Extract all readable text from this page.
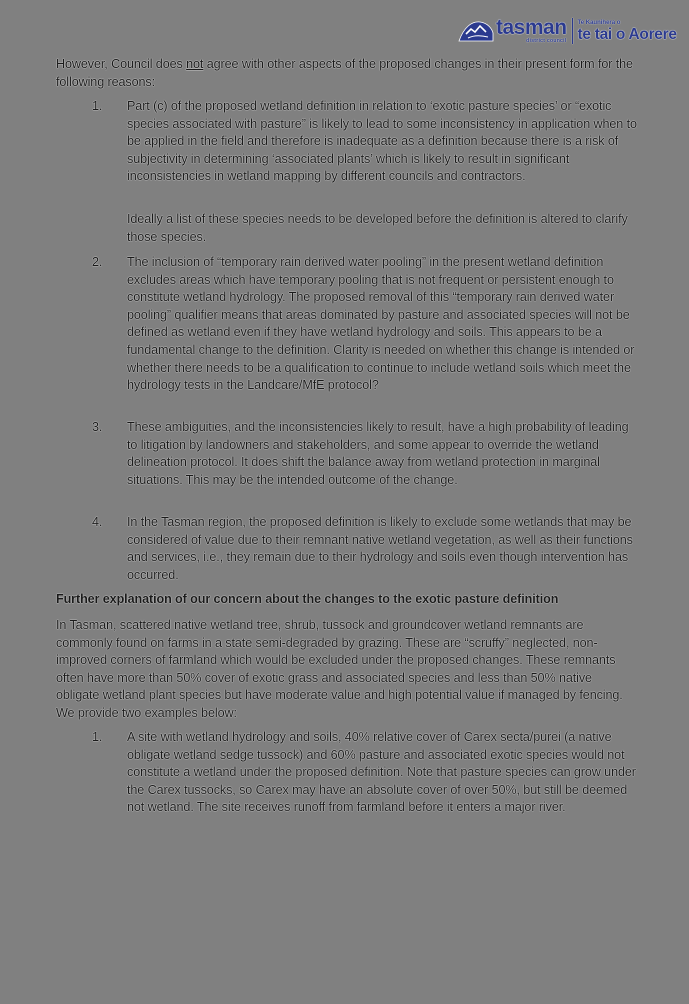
tasman
district council
Te Kaunihera o
te tai o Aorere

However, Council does not agree with other aspects of the proposed changes in their present form for the following reasons:

1. Part (c) of the proposed wetland definition in relation to ‘exotic pasture species’ or “exotic species associated with pasture” is likely to lead to some inconsistency in application when to be applied in the field and therefore is inadequate as a definition because there is a risk of subjectivity in determining ‘associated plants’ which is likely to result in significant inconsistencies in wetland mapping by different councils and contractors.

Ideally a list of these species needs to be developed before the definition is altered to clarify those species.

2. The inclusion of “temporary rain derived water pooling” in the present wetland definition excludes areas which have temporary pooling that is not frequent or persistent enough to constitute wetland hydrology. The proposed removal of this “temporary rain derived water pooling” qualifier means that areas dominated by pasture and associated species will not be defined as wetland even if they have wetland hydrology and soils. This appears to be a fundamental change to the definition. Clarity is needed on whether this change is intended or whether there needs to be a qualification to continue to include wetland soils which meet the hydrology tests in the Landcare/MfE protocol?

3. These ambiguities, and the inconsistencies likely to result, have a high probability of leading to litigation by landowners and stakeholders, and some appear to override the wetland delineation protocol. It does shift the balance away from wetland protection in marginal situations. This may be the intended outcome of the change.

4. In the Tasman region, the proposed definition is likely to exclude some wetlands that may be considered of value due to their remnant native wetland vegetation, as well as their functions and services, i.e., they remain due to their hydrology and soils even though intervention has occurred.

Further explanation of our concern about the changes to the exotic pasture definition

In Tasman, scattered native wetland tree, shrub, tussock and groundcover wetland remnants are commonly found on farms in a state semi-degraded by grazing. These are “scruffy” neglected, non-improved corners of farmland which would be excluded under the proposed changes. These remnants often have more than 50% cover of exotic grass and associated species and less than 50% native obligate wetland plant species but have moderate value and high potential value if managed by fencing. We provide two examples below:

1. A site with wetland hydrology and soils, 40% relative cover of Carex secta/purei (a native obligate wetland sedge tussock) and 60% pasture and associated exotic species would not constitute a wetland under the proposed definition. Note that pasture species can grow under the Carex tussocks, so Carex may have an absolute cover of over 50%, but still be deemed not wetland. The site receives runoff from farmland before it enters a major river.
